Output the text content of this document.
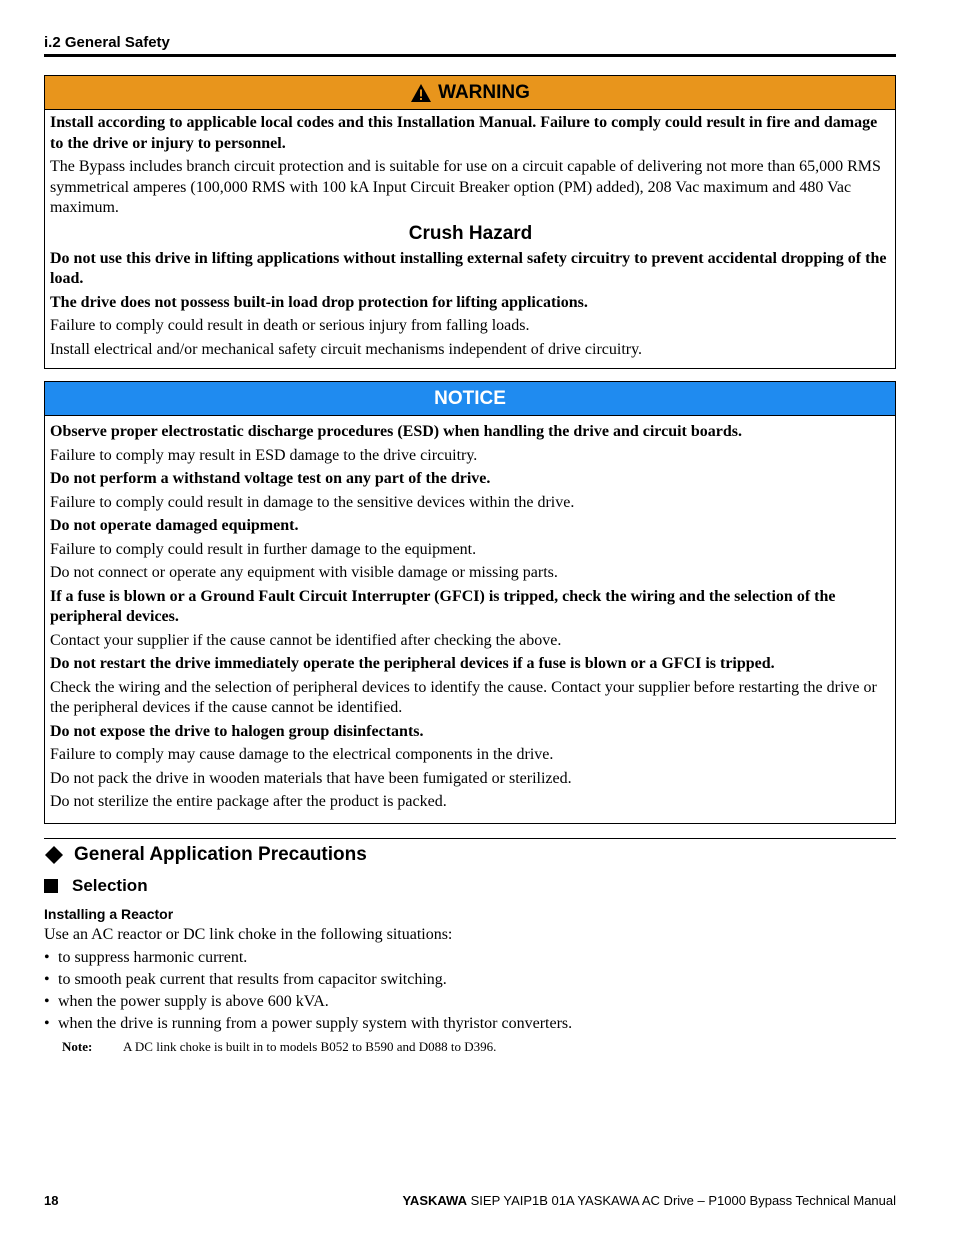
i.2 General Safety
WARNING

Install according to applicable local codes and this Installation Manual. Failure to comply could result in fire and damage to the drive or injury to personnel.

The Bypass includes branch circuit protection and is suitable for use on a circuit capable of delivering not more than 65,000 RMS symmetrical amperes (100,000 RMS with 100 kA Input Circuit Breaker option (PM) added), 208 Vac maximum and 480 Vac maximum.

Crush Hazard

Do not use this drive in lifting applications without installing external safety circuitry to prevent accidental dropping of the load.

The drive does not possess built-in load drop protection for lifting applications.

Failure to comply could result in death or serious injury from falling loads.

Install electrical and/or mechanical safety circuit mechanisms independent of drive circuitry.

NOTICE

Observe proper electrostatic discharge procedures (ESD) when handling the drive and circuit boards.

Failure to comply may result in ESD damage to the drive circuitry.

Do not perform a withstand voltage test on any part of the drive.

Failure to comply could result in damage to the sensitive devices within the drive.

Do not operate damaged equipment.

Failure to comply could result in further damage to the equipment.

Do not connect or operate any equipment with visible damage or missing parts.

If a fuse is blown or a Ground Fault Circuit Interrupter (GFCI) is tripped, check the wiring and the selection of the peripheral devices.

Contact your supplier if the cause cannot be identified after checking the above.

Do not restart the drive immediately operate the peripheral devices if a fuse is blown or a GFCI is tripped.

Check the wiring and the selection of peripheral devices to identify the cause. Contact your supplier before restarting the drive or the peripheral devices if the cause cannot be identified.

Do not expose the drive to halogen group disinfectants.

Failure to comply may cause damage to the electrical components in the drive.

Do not pack the drive in wooden materials that have been fumigated or sterilized.

Do not sterilize the entire package after the product is packed.

General Application Precautions
Selection
Installing a Reactor
Use an AC reactor or DC link choke in the following situations:
• to suppress harmonic current.
• to smooth peak current that results from capacitor switching.
• when the power supply is above 600 kVA.
• when the drive is running from a power supply system with thyristor converters.
Note:	A DC link choke is built in to models B052 to B590 and D088 to D396.
18	YASKAWA SIEP YAIP1B 01A YASKAWA AC Drive – P1000 Bypass Technical Manual
